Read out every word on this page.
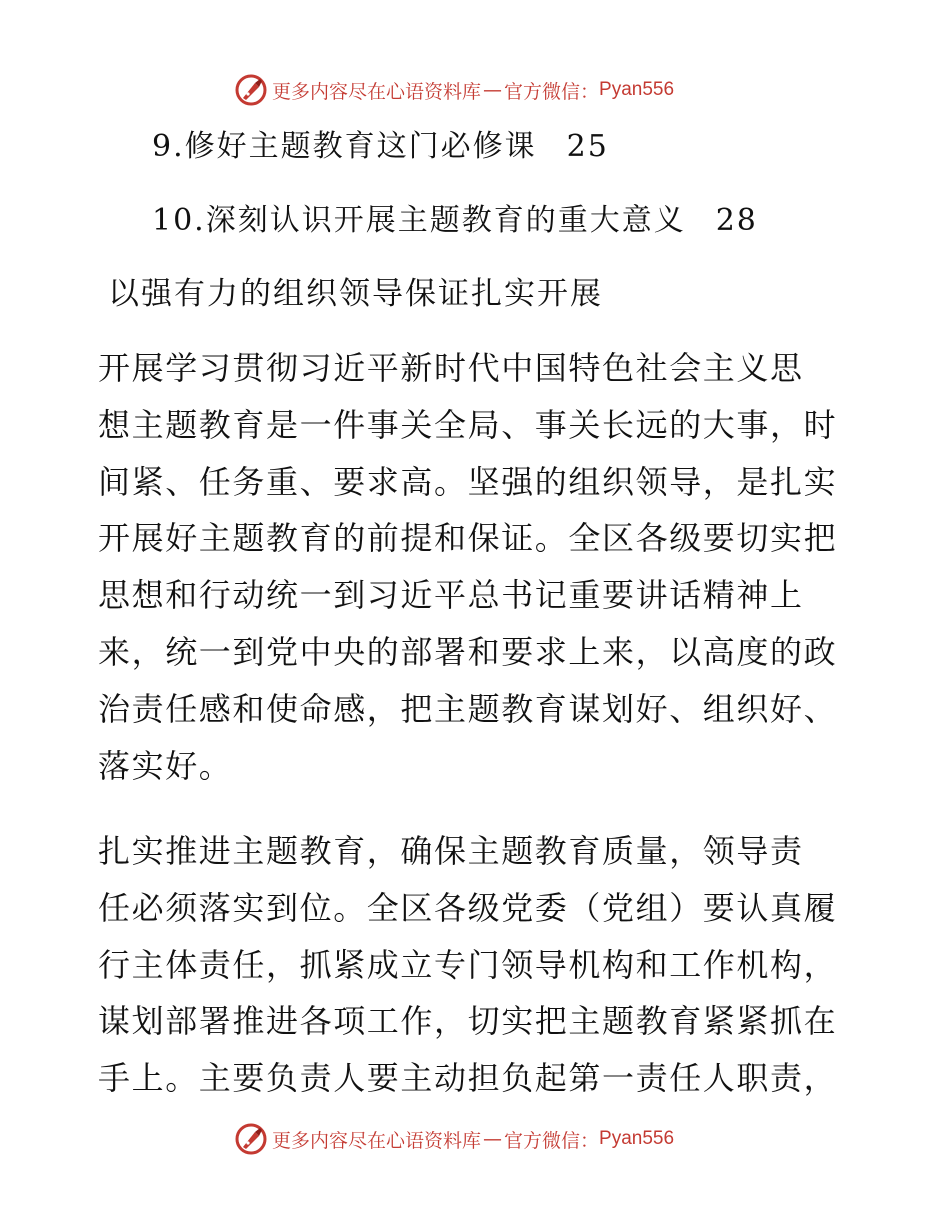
更多内容尽在心语资料库 — 官方微信： Pyan556
9.修好主题教育这门必修课 25
10.深刻认识开展主题教育的重大意义 28
以强有力的组织领导保证扎实开展
开展学习贯彻习近平新时代中国特色社会主义思
想主题教育是一件事关全局、事关长远的大事，时
间紧、任务重、要求高。坚强的组织领导，是扎实
开展好主题教育的前提和保证。全区各级要切实把
思想和行动统一到习近平总书记重要讲话精神上
来，统一到党中央的部署和要求上来，以高度的政
治责任感和使命感，把主题教育谋划好、组织好、
落实好。
扎实推进主题教育，确保主题教育质量，领导责
任必须落实到位。全区各级党委（党组）要认真履
行主体责任，抓紧成立专门领导机构和工作机构，
谋划部署推进各项工作，切实把主题教育紧紧抓在
手上。主要负责人要主动担负起第一责任人职责，
更多内容尽在心语资料库 — 官方微信： Pyan556
